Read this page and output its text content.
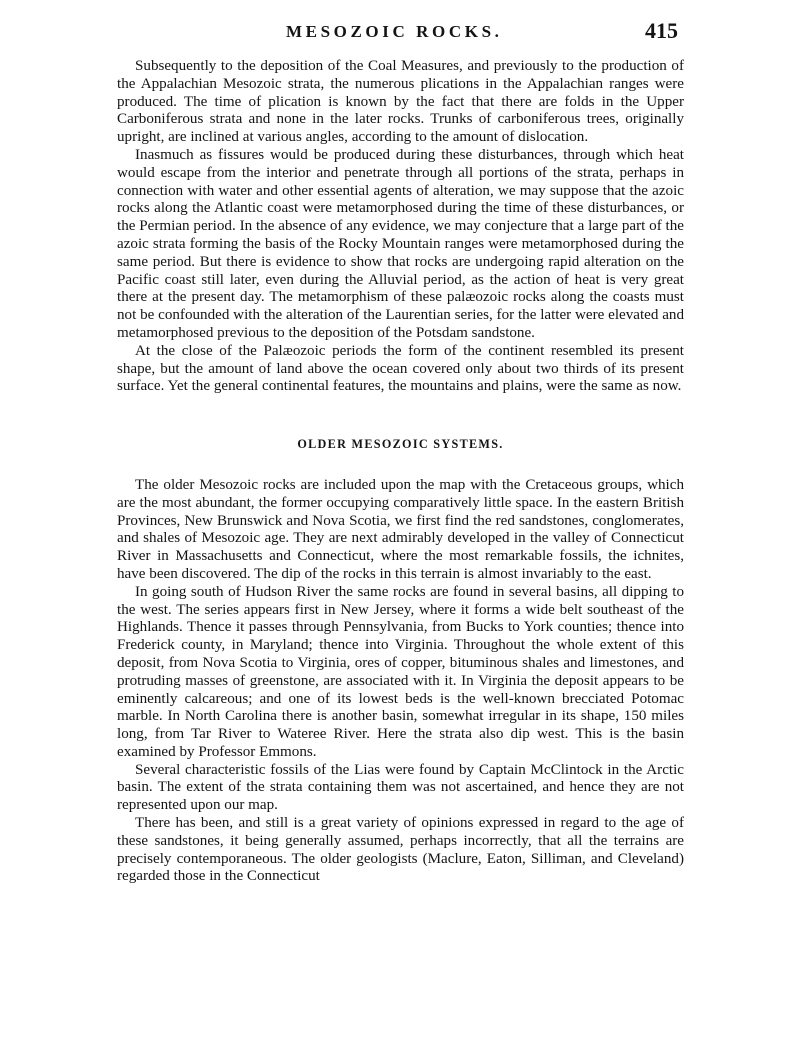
MESOZOIC ROCKS.	415

Subsequently to the deposition of the Coal Measures, and previously to the production of the Appalachian Mesozoic strata, the numerous plications in the Appalachian ranges were produced. The time of plication is known by the fact that there are folds in the Upper Carboniferous strata and none in the later rocks. Trunks of carboniferous trees, originally upright, are inclined at various angles, according to the amount of dislocation.

Inasmuch as fissures would be produced during these disturbances, through which heat would escape from the interior and penetrate through all portions of the strata, perhaps in connection with water and other essential agents of alteration, we may suppose that the azoic rocks along the Atlantic coast were metamorphosed during the time of these disturbances, or the Permian period. In the absence of any evidence, we may conjecture that a large part of the azoic strata forming the basis of the Rocky Mountain ranges were metamorphosed during the same period. But there is evidence to show that rocks are undergoing rapid alteration on the Pacific coast still later, even during the Alluvial period, as the action of heat is very great there at the present day. The metamorphism of these palæozoic rocks along the coasts must not be confounded with the alteration of the Laurentian series, for the latter were elevated and metamorphosed previous to the deposition of the Potsdam sandstone.

At the close of the Palæozoic periods the form of the continent resembled its present shape, but the amount of land above the ocean covered only about two thirds of its present surface. Yet the general continental features, the mountains and plains, were the same as now.

OLDER MESOZOIC SYSTEMS.

The older Mesozoic rocks are included upon the map with the Cretaceous groups, which are the most abundant, the former occupying comparatively little space. In the eastern British Provinces, New Brunswick and Nova Scotia, we first find the red sandstones, conglomerates, and shales of Mesozoic age. They are next admirably developed in the valley of Connecticut River in Massachusetts and Connecticut, where the most remarkable fossils, the ichnites, have been discovered. The dip of the rocks in this terrain is almost invariably to the east.

In going south of Hudson River the same rocks are found in several basins, all dipping to the west. The series appears first in New Jersey, where it forms a wide belt southeast of the Highlands. Thence it passes through Pennsylvania, from Bucks to York counties; thence into Frederick county, in Maryland; thence into Virginia. Throughout the whole extent of this deposit, from Nova Scotia to Virginia, ores of copper, bituminous shales and limestones, and protruding masses of greenstone, are associated with it. In Virginia the deposit appears to be eminently calcareous; and one of its lowest beds is the well-known brecciated Potomac marble. In North Carolina there is another basin, somewhat irregular in its shape, 150 miles long, from Tar River to Wateree River. Here the strata also dip west. This is the basin examined by Professor Emmons.

Several characteristic fossils of the Lias were found by Captain McClintock in the Arctic basin. The extent of the strata containing them was not ascertained, and hence they are not represented upon our map.

There has been, and still is a great variety of opinions expressed in regard to the age of these sandstones, it being generally assumed, perhaps incorrectly, that all the terrains are precisely contemporaneous. The older geologists (Maclure, Eaton, Silliman, and Cleveland) regarded those in the Connecticut
